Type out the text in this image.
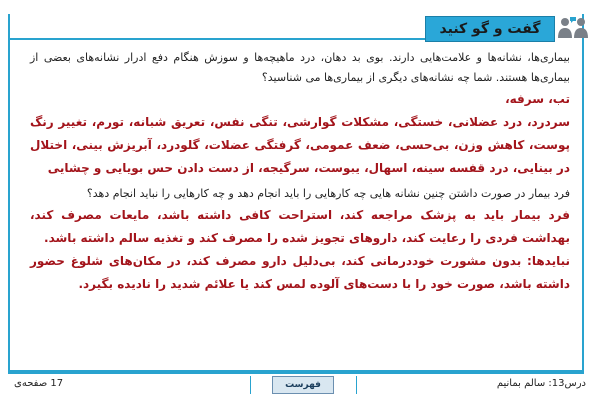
گفت و گو کنید

بیماری‌ها، نشانه‌ها و علامت‌هایی دارند. بوی بد دهان، درد ماهیچه‌ها و سوزش هنگام دفع ادرار نشانه‌های بعضی از بیماری‌ها هستند. شما چه نشانه‌های دیگری از بیماری‌ها می شناسید؟

تب، سرفه،

سردرد، درد عضلانی، خستگی، مشکلات گوارشی، تنگی نفس، تعریق شبانه، تورم، تغییر رنگ پوست، کاهش وزن، بی‌حسی، ضعف عمومی، گرفتگی عضلات، گلودرد، آبریزش بینی، اختلال در بینایی، درد قفسه سینه، اسهال، یبوست، سرگیجه، از دست دادن حس بویایی و چشایی

فرد بیمار در صورت داشتن چنین نشانه هایی چه کارهایی را باید انجام دهد و چه کارهایی را نباید انجام دهد؟

فرد بیمار باید به پزشک مراجعه کند، استراحت کافی داشته باشد، مایعات مصرف کند، بهداشت فردی را رعایت کند، داروهای تجویز شده را مصرف کند و تغذیه سالم داشته باشد.

نبایدها: بدون مشورت خوددرمانی کند، بی‌دلیل دارو مصرف کند، در مکان‌های شلوغ حضور داشته باشد، صورت خود را با دست‌های آلوده لمس کند یا علائم شدید را نادیده بگیرد.

17 صفحه‌ی	فهرست	درس13: سالم بمانیم
